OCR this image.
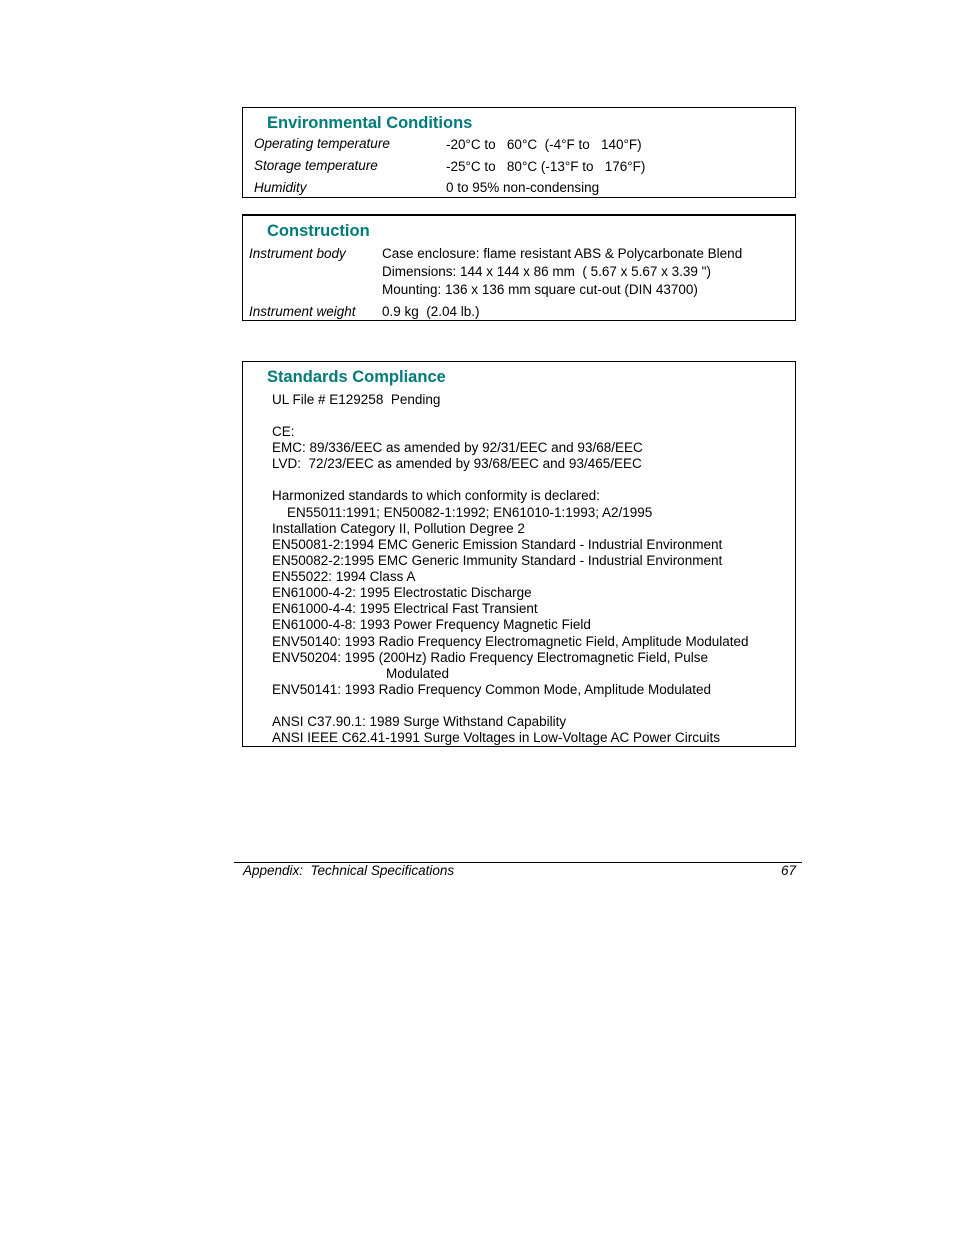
Environmental Conditions
Operating temperature	-20°C to   60°C  (-4°F to   140°F)
Storage temperature	-25°C to   80°C (-13°F to   176°F)
Humidity	0 to 95% non-condensing
Construction
Instrument body	Case enclosure: flame resistant ABS & Polycarbonate Blend
Dimensions: 144 x 144 x 86 mm  ( 5.67 x 5.67 x 3.39 ")
Mounting: 136 x 136 mm square cut-out (DIN 43700)
Instrument weight 0.9 kg  (2.04 lb.)
Standards Compliance
UL File # E129258  Pending
CE:
EMC: 89/336/EEC as amended by 92/31/EEC and 93/68/EEC
LVD:  72/23/EEC as amended by 93/68/EEC and 93/465/EEC
Harmonized standards to which conformity is declared:
EN55011:1991; EN50082-1:1992; EN61010-1:1993; A2/1995
Installation Category II, Pollution Degree 2
EN50081-2:1994 EMC Generic Emission Standard - Industrial Environment
EN50082-2:1995 EMC Generic Immunity Standard - Industrial Environment
EN55022: 1994 Class A
EN61000-4-2: 1995 Electrostatic Discharge
EN61000-4-4: 1995 Electrical Fast Transient
EN61000-4-8: 1993 Power Frequency Magnetic Field
ENV50140: 1993 Radio Frequency Electromagnetic Field, Amplitude Modulated
ENV50204: 1995 (200Hz) Radio Frequency Electromagnetic Field, Pulse
Modulated
ENV50141: 1993 Radio Frequency Common Mode, Amplitude Modulated
ANSI C37.90.1: 1989 Surge Withstand Capability
ANSI IEEE C62.41-1991 Surge Voltages in Low-Voltage AC Power Circuits
Appendix:  Technical Specifications	67
